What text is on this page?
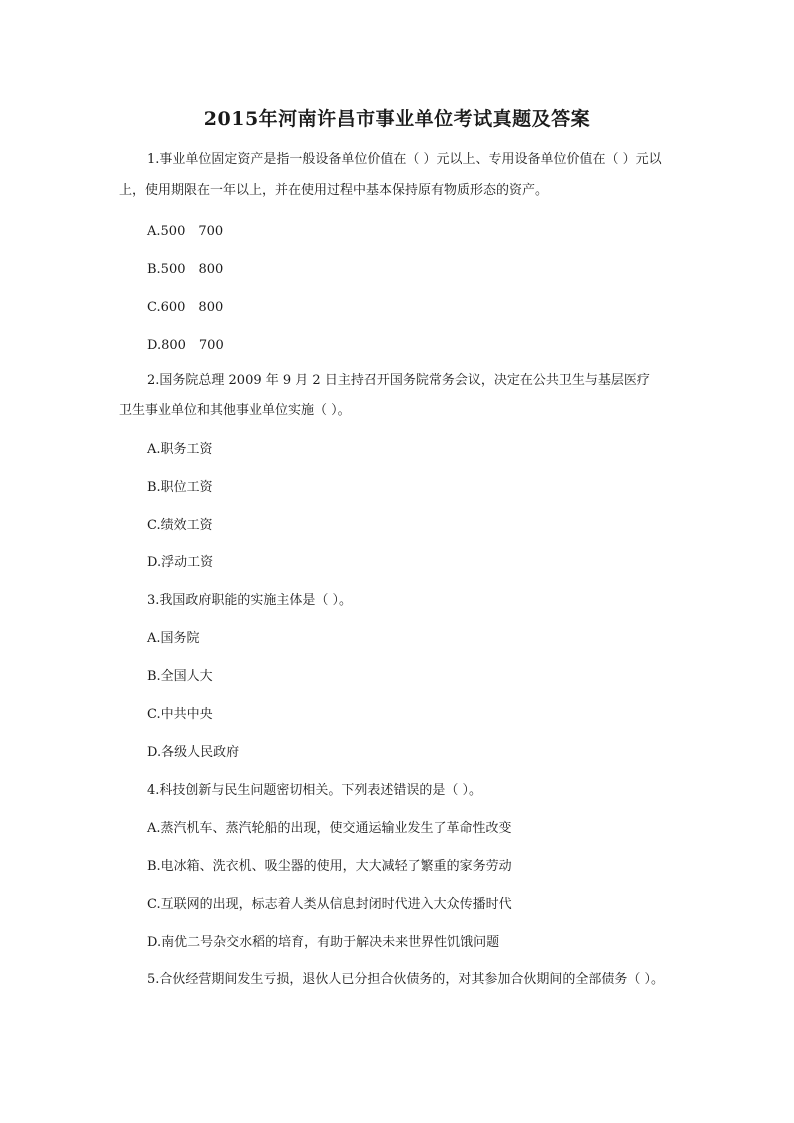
2015年河南许昌市事业单位考试真题及答案
1.事业单位固定资产是指一般设备单位价值在（ ）元以上、专用设备单位价值在（ ）元以
上，使用期限在一年以上，并在使用过程中基本保持原有物质形态的资产。
A.500　700
B.500　800
C.600　800
D.800　700
2.国务院总理 2009 年 9 月 2 日主持召开国务院常务会议，决定在公共卫生与基层医疗
卫生事业单位和其他事业单位实施（ ）。
A.职务工资
B.职位工资
C.绩效工资
D.浮动工资
3.我国政府职能的实施主体是（ ）。
A.国务院
B.全国人大
C.中共中央
D.各级人民政府
4.科技创新与民生问题密切相关。下列表述错误的是（ ）。
A.蒸汽机车、蒸汽轮船的出现，使交通运输业发生了革命性改变
B.电冰箱、洗衣机、吸尘器的使用，大大减轻了繁重的家务劳动
C.互联网的出现，标志着人类从信息封闭时代进入大众传播时代
D.南优二号杂交水稻的培育，有助于解决未来世界性饥饿问题
5.合伙经营期间发生亏损，退伙人已分担合伙债务的，对其参加合伙期间的全部债务（ ）。
